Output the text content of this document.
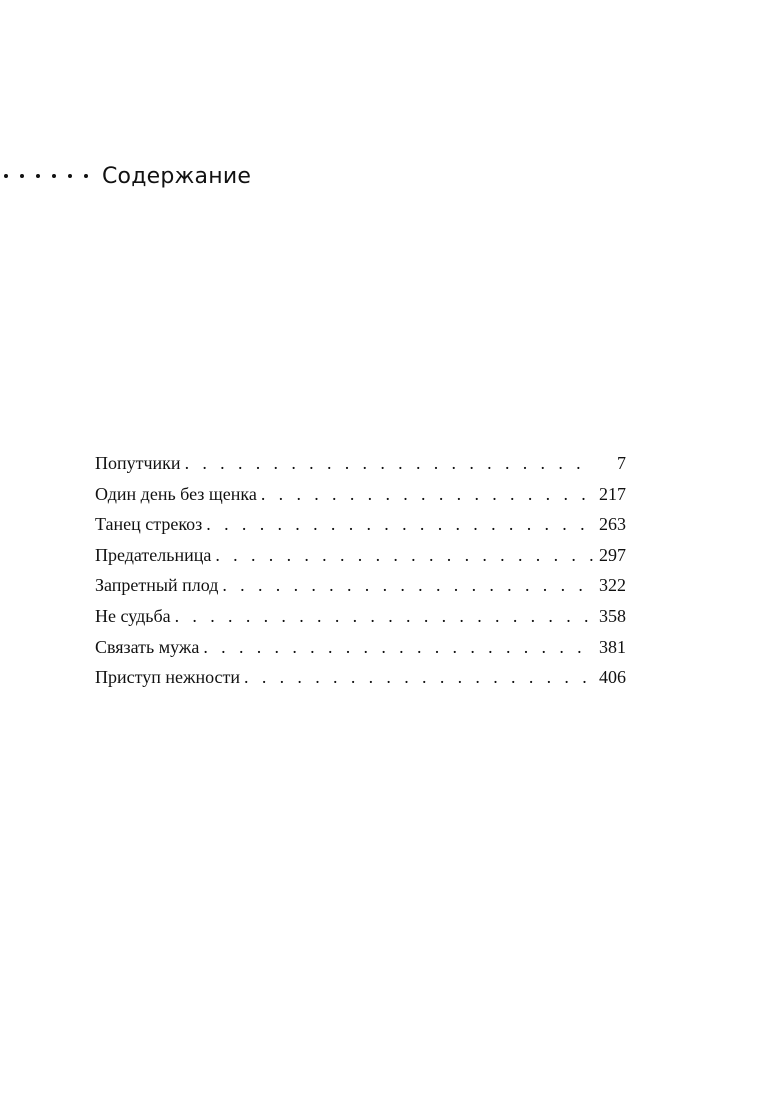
Содержание
Попутчики . . .	7
Один день без щенка . . .	217
Танец стрекоз . . .	263
Предательница . . .	297
Запретный плод . . .	322
Не судьба . . .	358
Связать мужа . . .	381
Приступ нежности . . .	406
